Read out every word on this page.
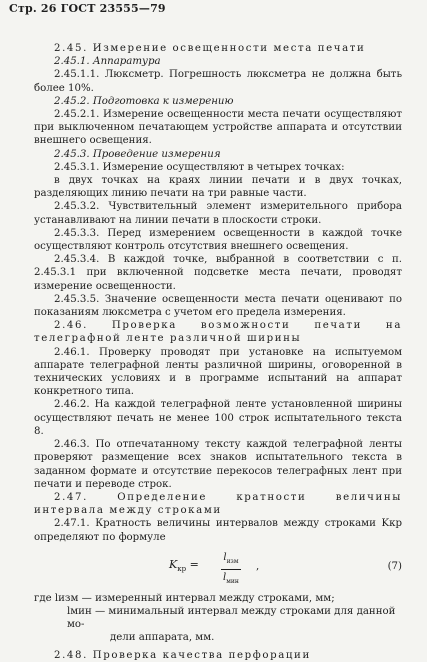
Стр. 26 ГОСТ 23555—79

2.45. Измерение освещенности места печати

2.45.1. Аппаратура

2.45.1.1. Люксметр. Погрешность люксметра не должна быть более 10%.

2.45.2. Подготовка к измерению

2.45.2.1. Измерение освещенности места печати осуществляют при выключенном печатающем устройстве аппарата и отсутствии внешнего освещения.

2.45.3. Проведение измерения

2.45.3.1. Измерение осуществляют в четырех точках:

в двух точках на краях линии печати и в двух точках, разделяющих линию печати на три равные части.

2.45.3.2. Чувствительный элемент измерительного прибора устанавливают на линии печати в плоскости строки.

2.45.3.3. Перед измерением освещенности в каждой точке осуществляют контроль отсутствия внешнего освещения.

2.45.3.4. В каждой точке, выбранной в соответствии с п. 2.45.3.1 при включенной подсветке места печати, проводят измерение освещенности.

2.45.3.5. Значение освещенности места печати оценивают по показаниям люксметра с учетом его предела измерения.

2.46. Проверка возможности печати на телеграфной ленте различной ширины

2.46.1. Проверку проводят при установке на испытуемом аппарате телеграфной ленты различной ширины, оговоренной в технических условиях и в программе испытаний на аппарат конкретного типа.

2.46.2. На каждой телеграфной ленте установленной ширины осуществляют печать не менее 100 строк испытательного текста 8.

2.46.3. По отпечатанному тексту каждой телеграфной ленты проверяют размещение всех знаков испытательного текста в заданном формате и отсутствие перекосов телеграфных лент при печати и переводе строк.

2.47. Определение кратности величины интервала между строками

2.47.1. Кратность величины интервалов между строками Kкр определяют по формуле

$K_{кр}$ =
$l_{изм}$
$l_{мин}$
,	(7)

где lизм — измеренный интервал между строками, мм;

lмин — минимальный интервал между строками для данной мо-

дели аппарата, мм.

2.48. Проверка качества перфорации
